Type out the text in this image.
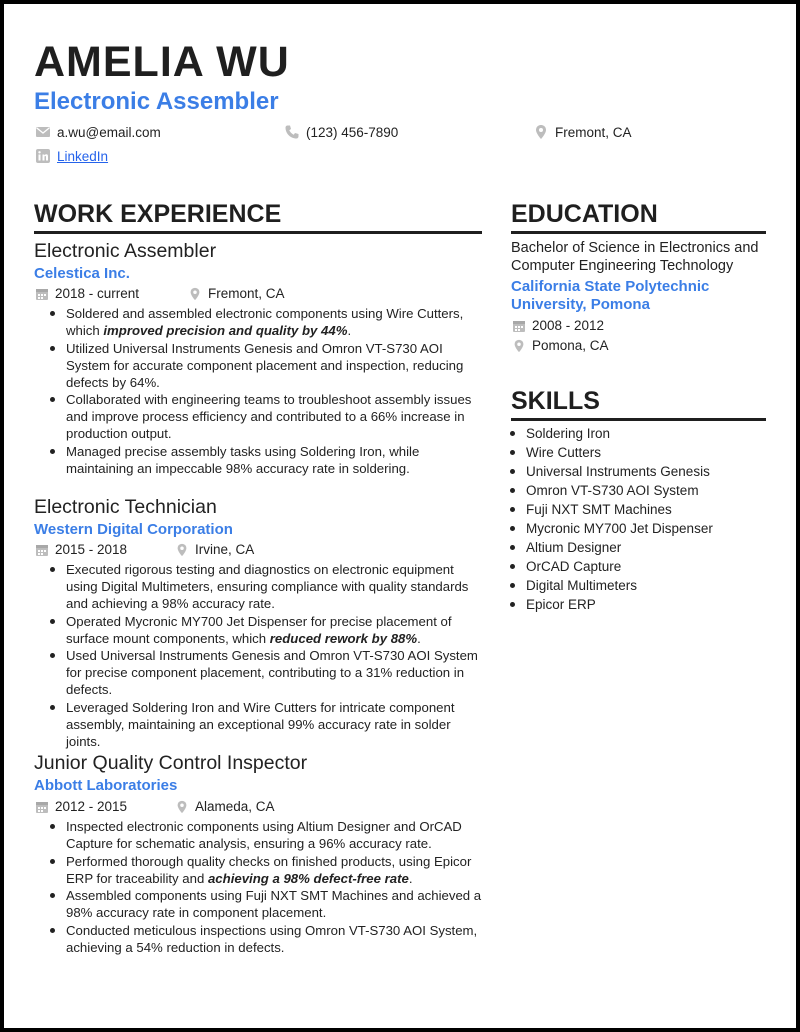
AMELIA WU
Electronic Assembler
a.wu@email.com	(123) 456-7890	Fremont, CA
LinkedIn
WORK EXPERIENCE
Electronic Assembler
Celestica Inc.
2018 - current	Fremont, CA
Soldered and assembled electronic components using Wire Cutters, which improved precision and quality by 44%.
Utilized Universal Instruments Genesis and Omron VT-S730 AOI System for accurate component placement and inspection, reducing defects by 64%.
Collaborated with engineering teams to troubleshoot assembly issues and improve process efficiency and contributed to a 66% increase in production output.
Managed precise assembly tasks using Soldering Iron, while maintaining an impeccable 98% accuracy rate in soldering.
Electronic Technician
Western Digital Corporation
2015 - 2018	Irvine, CA
Executed rigorous testing and diagnostics on electronic equipment using Digital Multimeters, ensuring compliance with quality standards and achieving a 98% accuracy rate.
Operated Mycronic MY700 Jet Dispenser for precise placement of surface mount components, which reduced rework by 88%.
Used Universal Instruments Genesis and Omron VT-S730 AOI System for precise component placement, contributing to a 31% reduction in defects.
Leveraged Soldering Iron and Wire Cutters for intricate component assembly, maintaining an exceptional 99% accuracy rate in solder joints.
Junior Quality Control Inspector
Abbott Laboratories
2012 - 2015	Alameda, CA
Inspected electronic components using Altium Designer and OrCAD Capture for schematic analysis, ensuring a 96% accuracy rate.
Performed thorough quality checks on finished products, using Epicor ERP for traceability and achieving a 98% defect-free rate.
Assembled components using Fuji NXT SMT Machines and achieved a 98% accuracy rate in component placement.
Conducted meticulous inspections using Omron VT-S730 AOI System, achieving a 54% reduction in defects.
EDUCATION
Bachelor of Science in Electronics and Computer Engineering Technology
California State Polytechnic University, Pomona
2008 - 2012
Pomona, CA
SKILLS
Soldering Iron
Wire Cutters
Universal Instruments Genesis
Omron VT-S730 AOI System
Fuji NXT SMT Machines
Mycronic MY700 Jet Dispenser
Altium Designer
OrCAD Capture
Digital Multimeters
Epicor ERP
